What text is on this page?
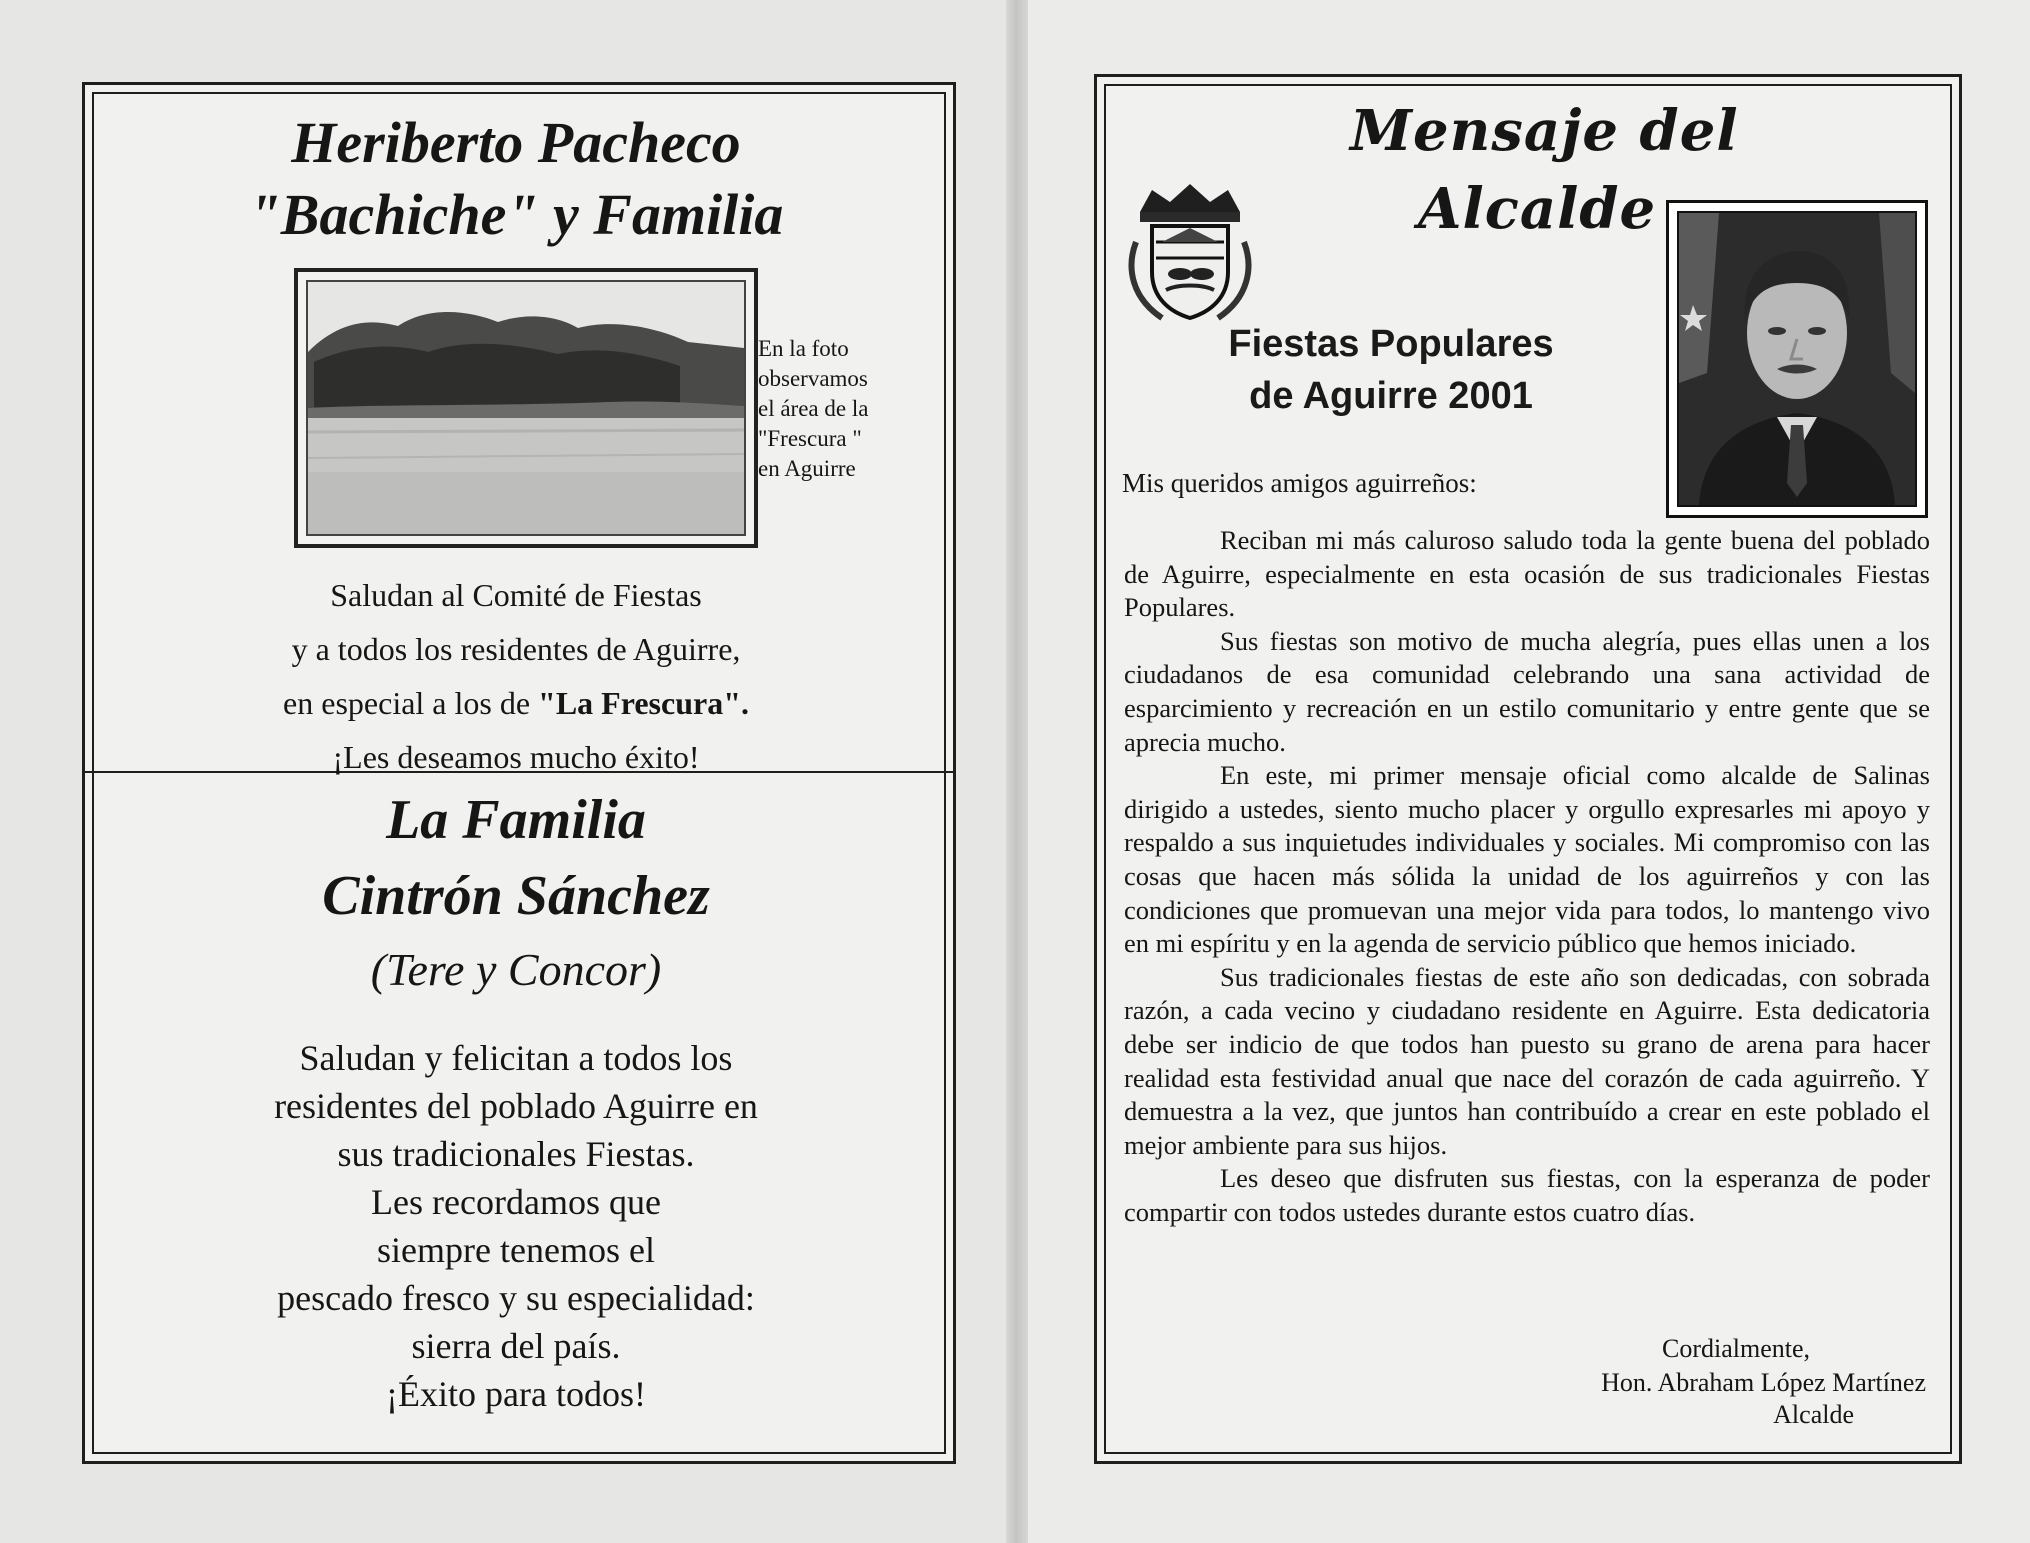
Heriberto Pacheco
"Bachiche" y Familia

En la foto
observamos
el área de la
"Frescura "
en Aguirre

Saludan al Comité de Fiestas
y a todos los residentes de Aguirre,
en especial a los de "La Frescura".
¡Les deseamos mucho éxito!

La Familia
Cintrón Sánchez
(Tere y Concor)

Saludan y felicitan a todos los
residentes del poblado Aguirre en
sus tradicionales Fiestas.
Les recordamos que
siempre tenemos el
pescado fresco y su especialidad:
sierra del país.
¡Éxito para todos!

Mensaje del

Alcalde

Fiestas Populares
de Aguirre 2001

Mis queridos amigos aguirreños:

Reciban mi más caluroso saludo toda la gente buena del poblado de Aguirre, especialmente en esta ocasión de sus tradicionales Fiestas Populares.

Sus fiestas son motivo de mucha alegría, pues ellas unen a los ciudadanos de esa comunidad celebrando una sana actividad de esparcimiento y recreación en un estilo comunitario y entre gente que se aprecia mucho.

En este, mi primer mensaje oficial como alcalde de Salinas dirigido a ustedes, siento mucho placer y orgullo expresarles mi apoyo y respaldo a sus inquietudes individuales y sociales. Mi compromiso con las cosas que hacen más sólida la unidad de los aguirreños y con las condiciones que promuevan una mejor vida para todos, lo mantengo vivo en mi espíritu y en la agenda de servicio público que hemos iniciado.

Sus tradicionales fiestas de este año son dedicadas, con sobrada razón, a cada vecino y ciudadano residente en Aguirre. Esta dedicatoria debe ser indicio de que todos han puesto su grano de arena para hacer realidad esta festividad anual que nace del corazón de cada aguirreño. Y demuestra a la vez, que juntos han contribuído a crear en este poblado el mejor ambiente para sus hijos.

Les deseo que disfruten sus fiestas, con la esperanza de poder compartir con todos ustedes durante estos cuatro días.

Cordialmente,

Hon. Abraham López Martínez

Alcalde
